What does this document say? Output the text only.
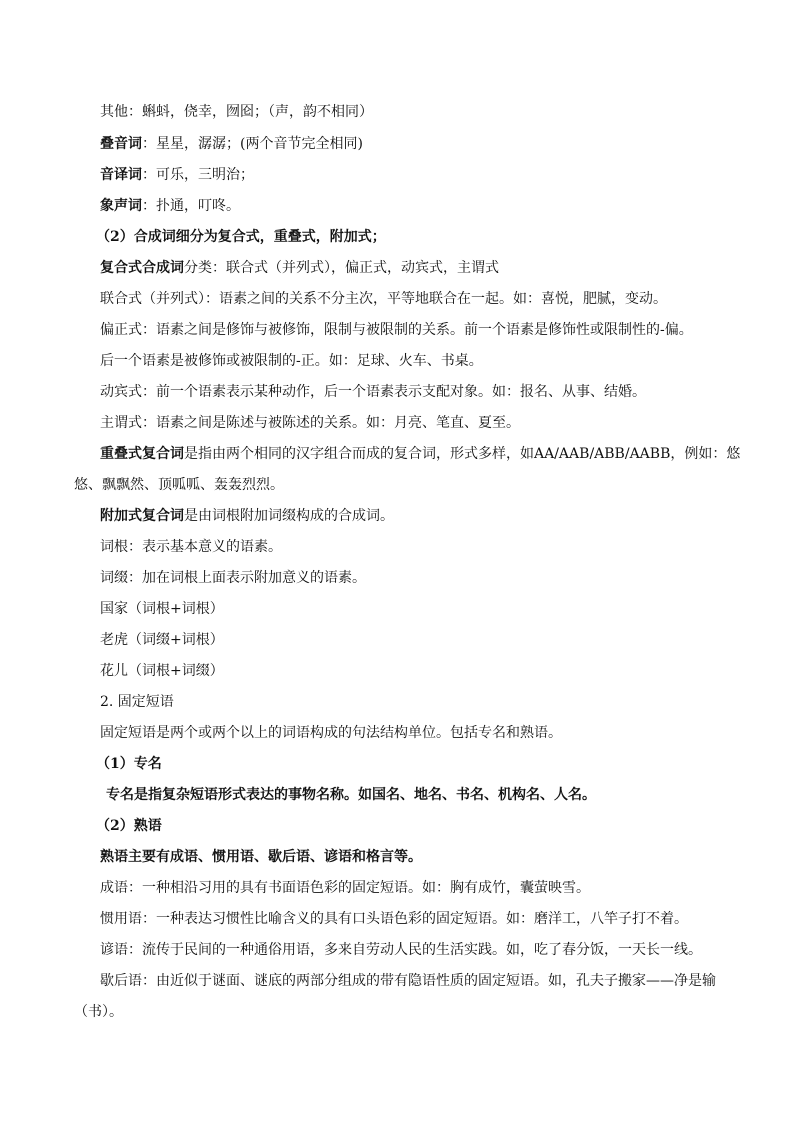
其他：蝌蚪，侥幸，囫囵；（声，韵不相同）
叠音词：星星，潺潺；(两个音节完全相同)
音译词：可乐，三明治；
象声词：扑通，叮咚。
（2）合成词细分为复合式，重叠式，附加式；
复合式合成词分类：联合式（并列式），偏正式，动宾式，主谓式
联合式（并列式）：语素之间的关系不分主次，平等地联合在一起。如：喜悦，肥腻，变动。
偏正式：语素之间是修饰与被修饰，限制与被限制的关系。前一个语素是修饰性或限制性的-偏。
后一个语素是被修饰或被限制的-正。如：足球、火车、书桌。
动宾式：前一个语素表示某种动作，后一个语素表示支配对象。如：报名、从事、结婚。
主谓式：语素之间是陈述与被陈述的关系。如：月亮、笔直、夏至。
重叠式复合词是指由两个相同的汉字组合而成的复合词，形式多样，如AA/AAB/ABB/AABB，例如：悠
悠、飘飘然、顶呱呱、轰轰烈烈。
附加式复合词是由词根附加词缀构成的合成词。
词根：表示基本意义的语素。
词缀：加在词根上面表示附加意义的语素。
国家（词根+词根）
老虎（词缀+词根）
花儿（词根+词缀）
2. 固定短语
固定短语是两个或两个以上的词语构成的句法结构单位。包括专名和熟语。
（1）专名
专名是指复杂短语形式表达的事物名称。如国名、地名、书名、机构名、人名。
（2）熟语
熟语主要有成语、惯用语、歇后语、谚语和格言等。
成语：一种相沿习用的具有书面语色彩的固定短语。如：胸有成竹，囊萤映雪。
惯用语：一种表达习惯性比喻含义的具有口头语色彩的固定短语。如：磨洋工，八竿子打不着。
谚语：流传于民间的一种通俗用语，多来自劳动人民的生活实践。如，吃了春分饭，一天长一线。
歇后语：由近似于谜面、谜底的两部分组成的带有隐语性质的固定短语。如，孔夫子搬家——净是输
（书）。
